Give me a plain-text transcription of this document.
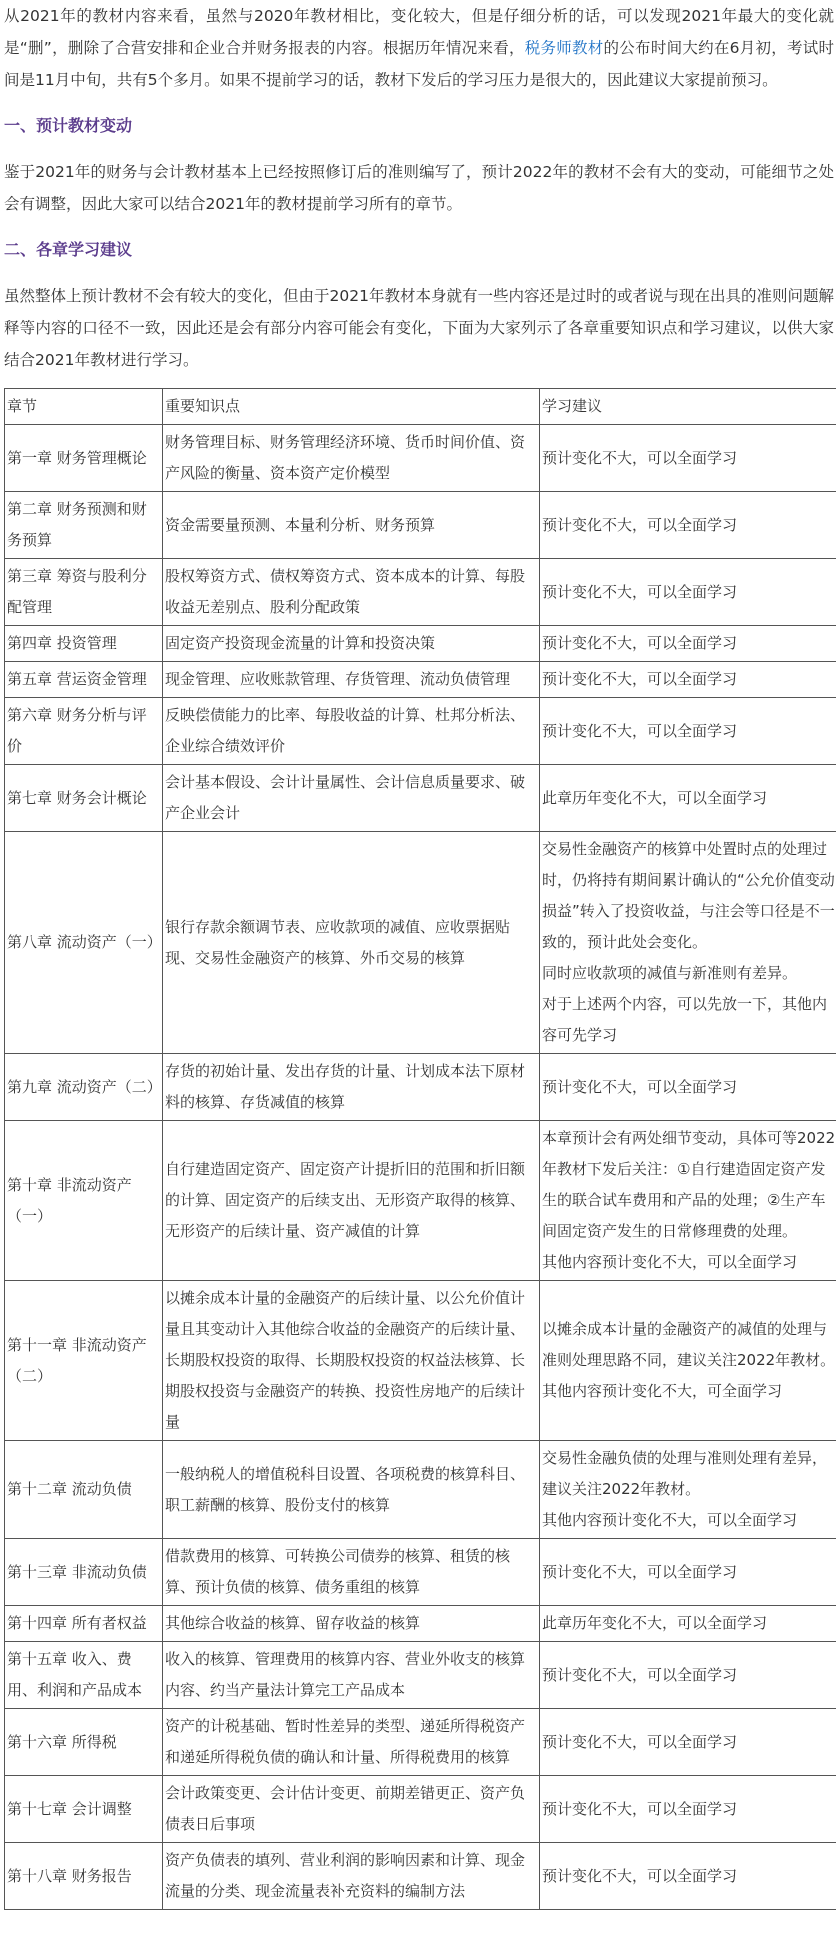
从2021年的教材内容来看，虽然与2020年教材相比，变化较大，但是仔细分析的话，可以发现2021年最大的变化就是“删”，删除了合营安排和企业合并财务报表的内容。根据历年情况来看，税务师教材的公布时间大约在6月初，考试时间是11月中旬，共有5个多月。如果不提前学习的话，教材下发后的学习压力是很大的，因此建议大家提前预习。

一、预计教材变动

鉴于2021年的财务与会计教材基本上已经按照修订后的准则编写了，预计2022年的教材不会有大的变动，可能细节之处会有调整，因此大家可以结合2021年的教材提前学习所有的章节。

二、各章学习建议

虽然整体上预计教材不会有较大的变化，但由于2021年教材本身就有一些内容还是过时的或者说与现在出具的准则问题解释等内容的口径不一致，因此还是会有部分内容可能会有变化，下面为大家列示了各章重要知识点和学习建议，以供大家结合2021年教材进行学习。

章节	重要知识点	学习建议
第一章 财务管理概论	财务管理目标、财务管理经济环境、货币时间价值、资产风险的衡量、资本资产定价模型	预计变化不大，可以全面学习

第二章 财务预测和财务预算	资金需要量预测、本量利分析、财务预算	预计变化不大，可以全面学习

第三章 筹资与股利分配管理	股权筹资方式、债权筹资方式、资本成本的计算、每股收益无差别点、股利分配政策	预计变化不大，可以全面学习

第四章 投资管理	固定资产投资现金流量的计算和投资决策	预计变化不大，可以全面学习

第五章 营运资金管理	现金管理、应收账款管理、存货管理、流动负债管理	预计变化不大，可以全面学习

第六章 财务分析与评价	反映偿债能力的比率、每股收益的计算、杜邦分析法、企业综合绩效评价	预计变化不大，可以全面学习

第七章 财务会计概论	会计基本假设、会计计量属性、会计信息质量要求、破产企业会计	此章历年变化不大，可以全面学习

第八章 流动资产（一）	银行存款余额调节表、应收款项的减值、应收票据贴现、交易性金融资产的核算、外币交易的核算	交易性金融资产的核算中处置时点的处理过时，仍将持有期间累计确认的“公允价值变动损益”转入了投资收益，与注会等口径是不一致的，预计此处会变化。
同时应收款项的减值与新准则有差异。
对于上述两个内容，可以先放一下，其他内容可先学习

第九章 流动资产（二）	存货的初始计量、发出存货的计量、计划成本法下原材料的核算、存货减值的核算	预计变化不大，可以全面学习

第十章 非流动资产（一）	自行建造固定资产、固定资产计提折旧的范围和折旧额的计算、固定资产的后续支出、无形资产取得的核算、无形资产的后续计量、资产减值的计算	本章预计会有两处细节变动，具体可等2022年教材下发后关注：①自行建造固定资产发生的联合试车费用和产品的处理；②生产车间固定资产发生的日常修理费的处理。
其他内容预计变化不大，可以全面学习

第十一章 非流动资产（二）	以摊余成本计量的金融资产的后续计量、以公允价值计量且其变动计入其他综合收益的金融资产的后续计量、长期股权投资的取得、长期股权投资的权益法核算、长期股权投资与金融资产的转换、投资性房地产的后续计量	以摊余成本计量的金融资产的减值的处理与准则处理思路不同，建议关注2022年教材。
其他内容预计变化不大，可全面学习

第十二章 流动负债	一般纳税人的增值税科目设置、各项税费的核算科目、职工薪酬的核算、股份支付的核算	交易性金融负债的处理与准则处理有差异，建议关注2022年教材。
其他内容预计变化不大，可以全面学习

第十三章 非流动负债	借款费用的核算、可转换公司债券的核算、租赁的核算、预计负债的核算、债务重组的核算	预计变化不大，可以全面学习

第十四章 所有者权益	其他综合收益的核算、留存收益的核算	此章历年变化不大，可以全面学习

第十五章 收入、费用、利润和产品成本	收入的核算、管理费用的核算内容、营业外收支的核算内容、约当产量法计算完工产品成本	预计变化不大，可以全面学习

第十六章 所得税	资产的计税基础、暂时性差异的类型、递延所得税资产和递延所得税负债的确认和计量、所得税费用的核算	预计变化不大，可以全面学习

第十七章 会计调整	会计政策变更、会计估计变更、前期差错更正、资产负债表日后事项	预计变化不大，可以全面学习

第十八章 财务报告	资产负债表的填列、营业利润的影响因素和计算、现金流量的分类、现金流量表补充资料的编制方法	预计变化不大，可以全面学习
